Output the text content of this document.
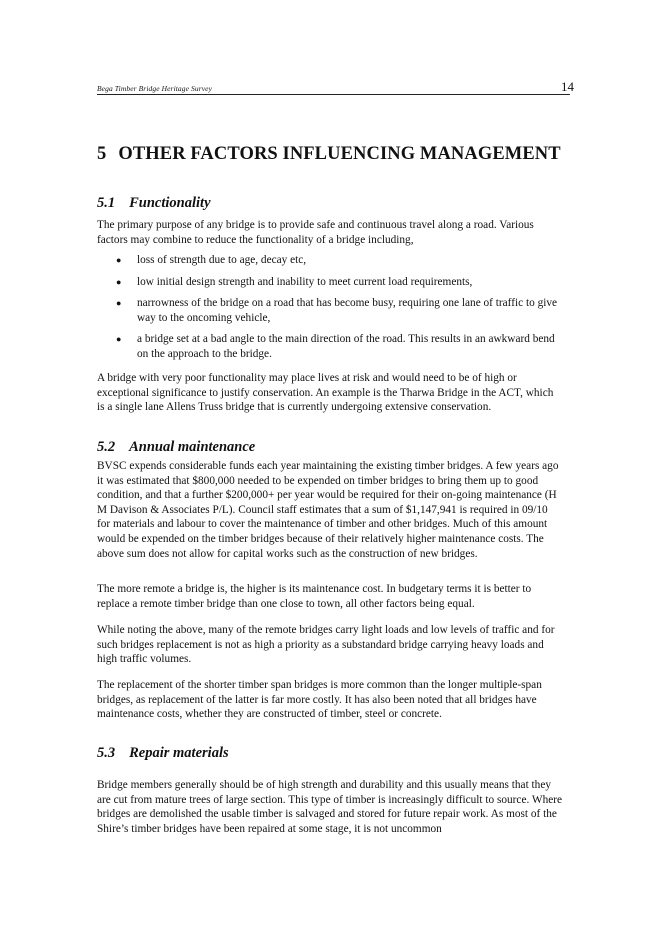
Bega Timber Bridge Heritage Survey	14
5 OTHER FACTORS INFLUENCING MANAGEMENT
5.1 Functionality

The primary purpose of any bridge is to provide safe and continuous travel along a road. Various factors may combine to reduce the functionality of a bridge including,

● loss of strength due to age, decay etc,
● low initial design strength and inability to meet current load requirements,
● narrowness of the bridge on a road that has become busy, requiring one lane of traffic to give way to the oncoming vehicle,
● a bridge set at a bad angle to the main direction of the road. This results in an awkward bend on the approach to the bridge.

A bridge with very poor functionality may place lives at risk and would need to be of high or exceptional significance to justify conservation. An example is the Tharwa Bridge in the ACT, which is a single lane Allens Truss bridge that is currently undergoing extensive conservation.

5.2 Annual maintenance

BVSC expends considerable funds each year maintaining the existing timber bridges. A few years ago it was estimated that $800,000 needed to be expended on timber bridges to bring them up to good condition, and that a further $200,000+ per year would be required for their on-going maintenance (H M Davison & Associates P/L). Council staff estimates that a sum of $1,147,941 is required in 09/10 for materials and labour to cover the maintenance of timber and other bridges. Much of this amount would be expended on the timber bridges because of their relatively higher maintenance costs. The above sum does not allow for capital works such as the construction of new bridges.

The more remote a bridge is, the higher is its maintenance cost. In budgetary terms it is better to replace a remote timber bridge than one close to town, all other factors being equal.

While noting the above, many of the remote bridges carry light loads and low levels of traffic and for such bridges replacement is not as high a priority as a substandard bridge carrying heavy loads and high traffic volumes.

The replacement of the shorter timber span bridges is more common than the longer multiple-span bridges, as replacement of the latter is far more costly. It has also been noted that all bridges have maintenance costs, whether they are constructed of timber, steel or concrete.

5.3 Repair materials

Bridge members generally should be of high strength and durability and this usually means that they are cut from mature trees of large section. This type of timber is increasingly difficult to source. Where bridges are demolished the usable timber is salvaged and stored for future repair work. As most of the Shire’s timber bridges have been repaired at some stage, it is not uncommon
